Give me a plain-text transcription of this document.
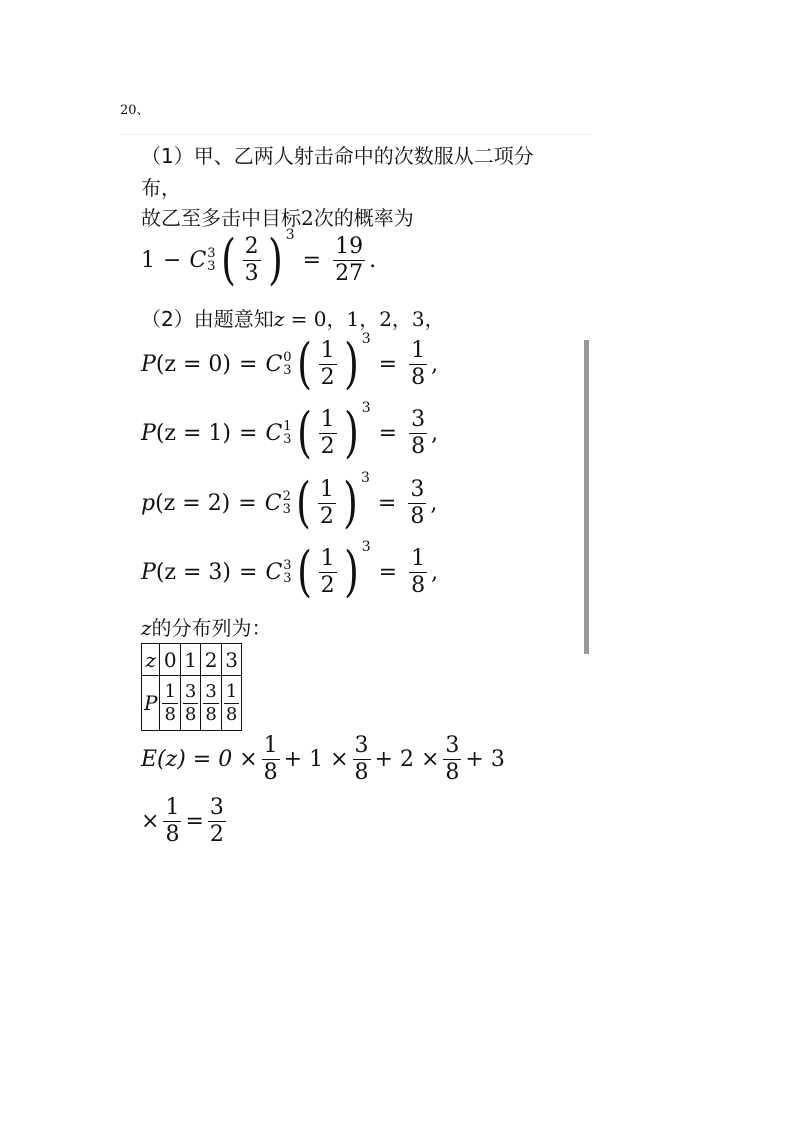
20、
（1）甲、乙两人射击命中的次数服从二项分
布，
故乙至多击中目标2次的概率为
1 − C 3
3 ( $\frac{2}{3}$ ) 3
= $\frac{19}{27}$ .
（2）由题意知z = 0，1，2，3，
P (z = 0) = C 0
3 ( $\frac{1}{2}$ ) 3
= $\frac{1}{8}$ ,
P (z = 1) = C 1
3 ( $\frac{1}{2}$ ) 3
= $\frac{3}{8}$ ,
p (z = 2) = C 2
3 ( $\frac{1}{2}$ ) 3
= $\frac{3}{8}$ ,
P (z = 3) = C 3
3 ( $\frac{1}{2}$ ) 3
= $\frac{1}{8}$ ,
z的分布列为：
z	0	1	2	3
P	$\frac{1}{8}$	$\frac{3}{8}$	$\frac{3}{8}$	$\frac{1}{8}$
$E(z) = 0 \times \frac{1}{8} + 1 \times \frac{3}{8} + 2 \times \frac{3}{8} + 3$
× $\frac{1}{8} = \frac{3}{2}$
